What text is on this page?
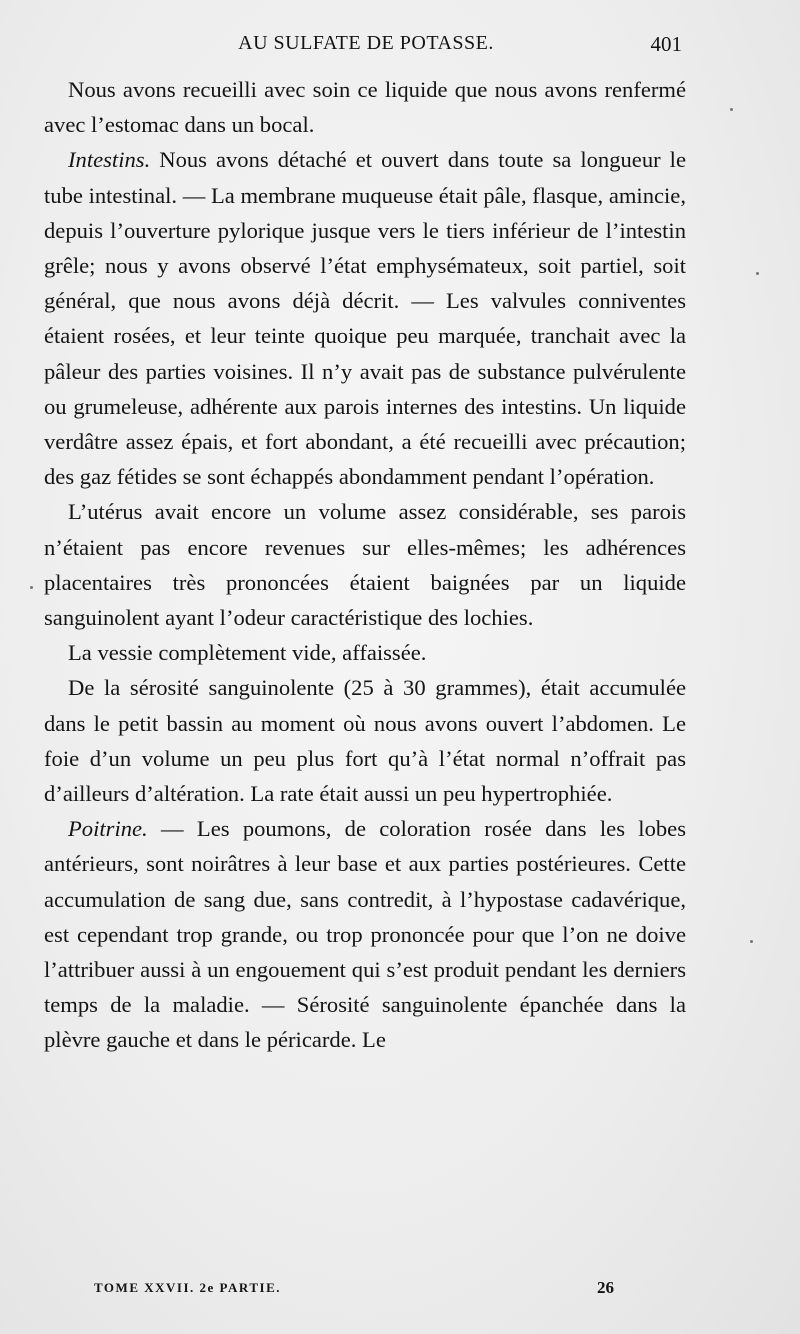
AU SULFATE DE POTASSE.	401

Nous avons recueilli avec soin ce liquide que nous avons renfermé avec l’estomac dans un bocal.

Intestins. Nous avons détaché et ouvert dans toute sa longueur le tube intestinal. — La membrane muqueuse était pâle, flasque, amincie, depuis l’ouverture pylorique jusque vers le tiers inférieur de l’intestin grêle; nous y avons observé l’état emphysémateux, soit partiel, soit général, que nous avons déjà décrit. — Les valvules conniventes étaient rosées, et leur teinte quoique peu marquée, tranchait avec la pâleur des parties voisines. Il n’y avait pas de substance pulvérulente ou grumeleuse, adhérente aux parois internes des intestins. Un liquide verdâtre assez épais, et fort abondant, a été recueilli avec précaution; des gaz fétides se sont échappés abondamment pendant l’opération.

L’utérus avait encore un volume assez considérable, ses parois n’étaient pas encore revenues sur elles-mêmes; les adhérences placentaires très prononcées étaient baignées par un liquide sanguinolent ayant l’odeur caractéristique des lochies.

La vessie complètement vide, affaissée.

De la sérosité sanguinolente (25 à 30 grammes), était accumulée dans le petit bassin au moment où nous avons ouvert l’abdomen. Le foie d’un volume un peu plus fort qu’à l’état normal n’offrait pas d’ailleurs d’altération. La rate était aussi un peu hypertrophiée.

Poitrine. — Les poumons, de coloration rosée dans les lobes antérieurs, sont noirâtres à leur base et aux parties postérieures. Cette accumulation de sang due, sans contredit, à l’hypostase cadavérique, est cependant trop grande, ou trop prononcée pour que l’on ne doive l’attribuer aussi à un engouement qui s’est produit pendant les derniers temps de la maladie. — Sérosité sanguinolente épanchée dans la plèvre gauche et dans le péricarde. Le

TOME XXVII. 2e PARTIE.	26
